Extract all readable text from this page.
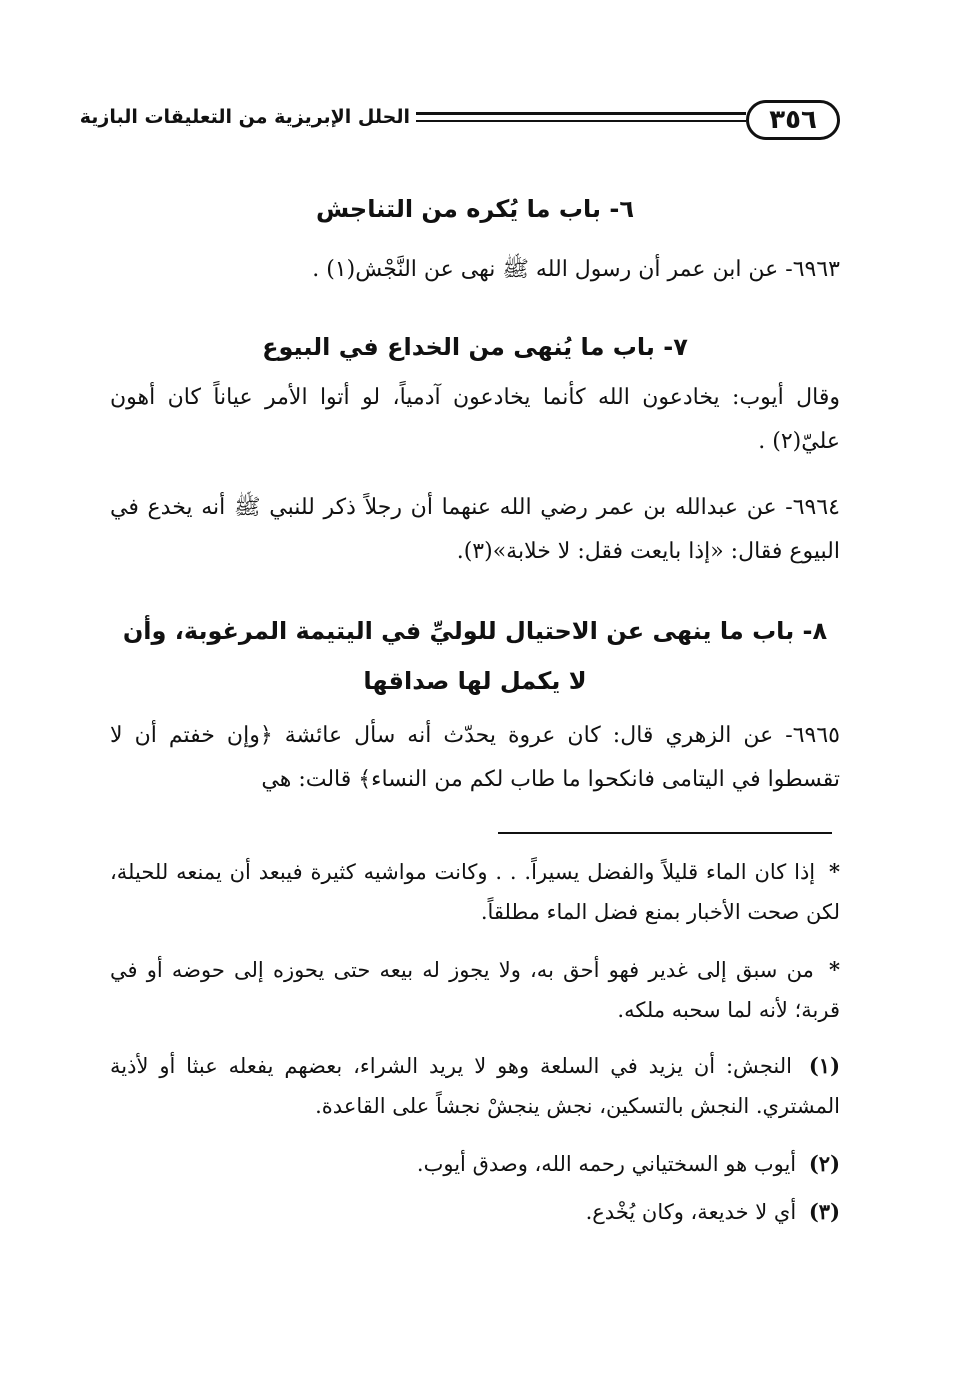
٣٥٦
الحلل الإبريزية من التعليقات البازية
٦- باب ما يُكره من التناجش
٦٩٦٣- عن ابن عمر أن رسول الله ﷺ نهى عن النَّجْش(١) .
٧- باب ما يُنهى من الخداع في البيوع
وقال أيوب: يخادعون الله كأنما يخادعون آدمياً، لو أتوا الأمر عياناً كان أهون عليّ(٢) .
٦٩٦٤- عن عبدالله بن عمر رضي الله عنهما أن رجلاً ذكر للنبي ﷺ أنه يخدع في البيوع فقال: «إذا بايعت فقل: لا خلابة»(٣).
٨- باب ما ينهى عن الاحتيال للوليِّ في اليتيمة المرغوبة، وأن لا يكمل لها صداقها
٦٩٦٥- عن الزهري قال: كان عروة يحدّث أنه سأل عائشة ﴿وإن خفتم أن لا تقسطوا في اليتامى فانكحوا ما طاب لكم من النساء﴾ قالت: هي
* إذا كان الماء قليلاً والفضل يسيراً. . . وكانت مواشيه كثيرة فيبعد أن يمنعه للحيلة، لكن صحت الأخبار بمنع فضل الماء مطلقاً.
* من سبق إلى غدير فهو أحق به، ولا يجوز له بيعه حتى يحوزه إلى حوضه أو في قربة؛ لأنه لما سحبه ملكه.
(١) النجش: أن يزيد في السلعة وهو لا يريد الشراء، بعضهم يفعله عبثا أو لأذية المشتري. النجش بالتسكين، نجش ينجشْ نجشاً على القاعدة.
(٢) أيوب هو السختياني رحمه الله، وصدق أيوب.
(٣) أي لا خديعة، وكان يُخْدع.
